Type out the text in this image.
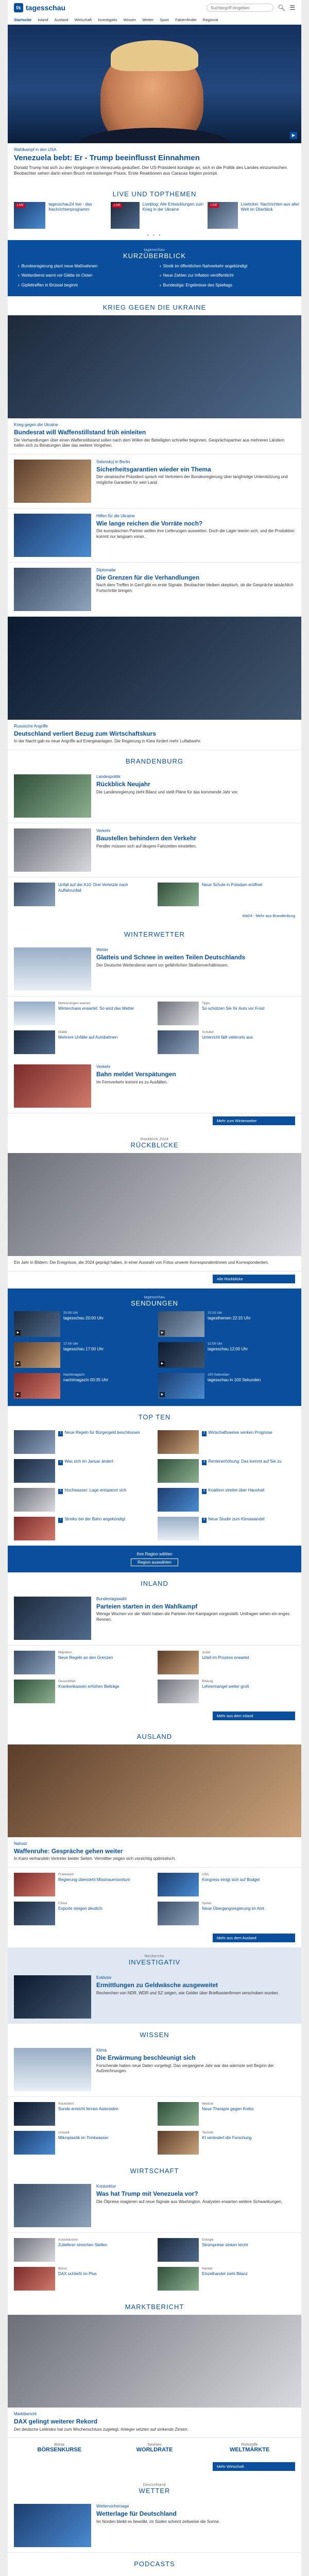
ts tagesschau
Suchbegriff eingeben	🔍︎ ☰
Startseite Inland Ausland Wirtschaft Investigativ Wissen Wetter Sport Faktenfinder Regional
▶
Wahlkampf in den USA
Venezuela bebt: Er - Trump beeinflusst Einnahmen
Donald Trump hat sich zu den Vorgängen in Venezuela geäußert. Der US-Präsident kündigte an, sich in die Politik des Landes einzumischen. Beobachter sehen darin einen Bruch mit bisheriger Praxis. Erste Reaktionen aus Caracas folgten prompt.
LIVE UND TOPTHEMEN
LIVE	tagesschau24 live - das Nachrichtenprogramm
LIVE	Liveblog: Alle Entwicklungen zum Krieg in der Ukraine
LIVE	Liveticker: Nachrichten aus aller Welt im Überblick
● ● ●
tagesschau
KURZÜBERBLICK
› Bundesregierung plant neue Maßnahmen	› Streik im öffentlichen Nahverkehr angekündigt
› Wetterdienst warnt vor Glätte im Osten	› Neue Zahlen zur Inflation veröffentlicht
› Gipfeltreffen in Brüssel beginnt	› Bundesliga: Ergebnisse des Spieltags
KRIEG GEGEN DIE UKRAINE
Krieg gegen die Ukraine
Bundesrat will Waffenstillstand früh einleiten
Die Verhandlungen über einen Waffenstillstand sollen nach dem Willen der Beteiligten schneller beginnen. Gesprächspartner aus mehreren Ländern trafen sich zu Beratungen über das weitere Vorgehen.
Selenskyj in Berlin
Sicherheitsgarantien wieder ein Thema
Der ukrainische Präsident sprach mit Vertretern der Bundesregierung über langfristige Unterstützung und mögliche Garantien für sein Land.
Hilfen für die Ukraine
Wie lange reichen die Vorräte noch?
Die europäischen Partner wollen ihre Lieferungen ausweiten. Doch die Lager leeren sich, und die Produktion kommt nur langsam voran.
Diplomatie
Die Grenzen für die Verhandlungen
Nach dem Treffen in Genf gibt es erste Signale. Beobachter bleiben skeptisch, ob die Gespräche tatsächlich Fortschritte bringen.
Russische Angriffe
Deutschland verliert Bezug zum Wirtschaftskurs
In der Nacht gab es neue Angriffe auf Energieanlagen. Die Regierung in Kiew fordert mehr Luftabwehr.
BRANDENBURG
Landespolitik
Rückblick Neujahr
Die Landesregierung zieht Bilanz und stellt Pläne für das kommende Jahr vor.
Verkehr
Baustellen behindern den Verkehr
Pendler müssen sich auf längere Fahrzeiten einstellen.
Unfall auf der A10: Drei Verletzte nach Auffahrunfall
Neue Schule in Potsdam eröffnet
rbb24 - Mehr aus Brandenburg
WINTERWETTER
Wetter
Glatteis und Schnee in weiten Teilen Deutschlands
Der Deutsche Wetterdienst warnt vor gefährlichen Straßenverhältnissen.
Meteorologen warnen
Winterchaos erwartet: So wird das Wetter
Tipps
So schützen Sie Ihr Auto vor Frost
Glätte
Mehrere Unfälle auf Autobahnen
Schulen
Unterricht fällt vielerorts aus
Verkehr
Bahn meldet Verspätungen
Im Fernverkehr kommt es zu Ausfällen.
Mehr zum Winterwetter
Rückblick 2024
RÜCKBLICKE
Ein Jahr in Bildern: Die Ereignisse, die 2024 geprägt haben, in einer Auswahl von Fotos unserer Korrespondentinnen und Korrespondenten.
Alle Rückblicke
tagesschau
SENDUNGEN
▶
20:00 Uhr
tagesschau 20:00 Uhr
▶
22:15 Uhr
tagesthemen 22:15 Uhr
▶
17:00 Uhr
tagesschau 17:00 Uhr
▶
12:00 Uhr
tagesschau 12:00 Uhr
▶
Nachtmagazin
nachtmagazin 00:35 Uhr
▶
100 Sekunden
tagesschau in 100 Sekunden
TOP TEN
1 Neue Regeln für Bürgergeld beschlossen	2 Wirtschaftsweise senken Prognose
3 Was sich im Januar ändert	4 Rentenerhöhung: Das kommt auf Sie zu
5 Hochwasser: Lage entspannt sich	6 Koalition streitet über Haushalt
7 Streiks bei der Bahn angekündigt	8 Neue Studie zum Klimawandel
Ihre Region wählen
Region auswählen
INLAND
Bundestagswahl
Parteien starten in den Wahlkampf
Wenige Wochen vor der Wahl haben die Parteien ihre Kampagnen vorgestellt. Umfragen sehen ein enges Rennen.
Migration
Neue Regeln an den Grenzen
Justiz
Urteil im Prozess erwartet
Gesundheit
Krankenkassen erhöhen Beiträge
Bildung
Lehrermangel weiter groß
Mehr aus dem Inland
AUSLAND
Nahost
Waffenruhe: Gespräche gehen weiter
In Kairo verhandeln Vertreter beider Seiten. Vermittler zeigen sich vorsichtig optimistisch.
Frankreich
Regierung übersteht Misstrauensvotum
USA
Kongress einigt sich auf Budget
China
Exporte steigen deutlich
Syrien
Neue Übergangsregierung im Amt
Mehr aus dem Ausland
Recherche
INVESTIGATIV
Exklusiv
Ermittlungen zu Geldwäsche ausgeweitet
Recherchen von NDR, WDR und SZ zeigen, wie Gelder über Briefkastenfirmen verschoben wurden.
WISSEN
Klima
Die Erwärmung beschleunigt sich
Forschende haben neue Daten vorgelegt. Das vergangene Jahr war das wärmste seit Beginn der Aufzeichnungen.
Raumfahrt
Sonde erreicht fernen Asteroiden
Medizin
Neue Therapie gegen Krebs
Umwelt
Mikroplastik im Trinkwasser
Technik
KI verändert die Forschung
WIRTSCHAFT
Konjunktur
Was hat Trump mit Venezuela vor?
Die Ölpreise reagieren auf neue Signale aus Washington. Analysten erwarten weitere Schwankungen.
Autoindustrie
Zulieferer streichen Stellen
Energie
Strompreise sinken leicht
Börse
DAX schließt im Plus
Handel
Einzelhandel zieht Bilanz
MARKTBERICHT
Marktbericht
DAX gelingt weiterer Rekord
Der deutsche Leitindex hat zum Wochenschluss zugelegt. Anleger setzten auf sinkende Zinsen.
Börse
BÖRSENKURSE
Devisen
WORLDRATE
Rohstoffe
WELTMÄRKTE
Mehr Wirtschaft
Deutschland
WETTER
Wettervorhersage
Wetterlage für Deutschland
Im Norden bleibt es bewölkt, im Süden scheint zeitweise die Sonne.
PODCASTS
